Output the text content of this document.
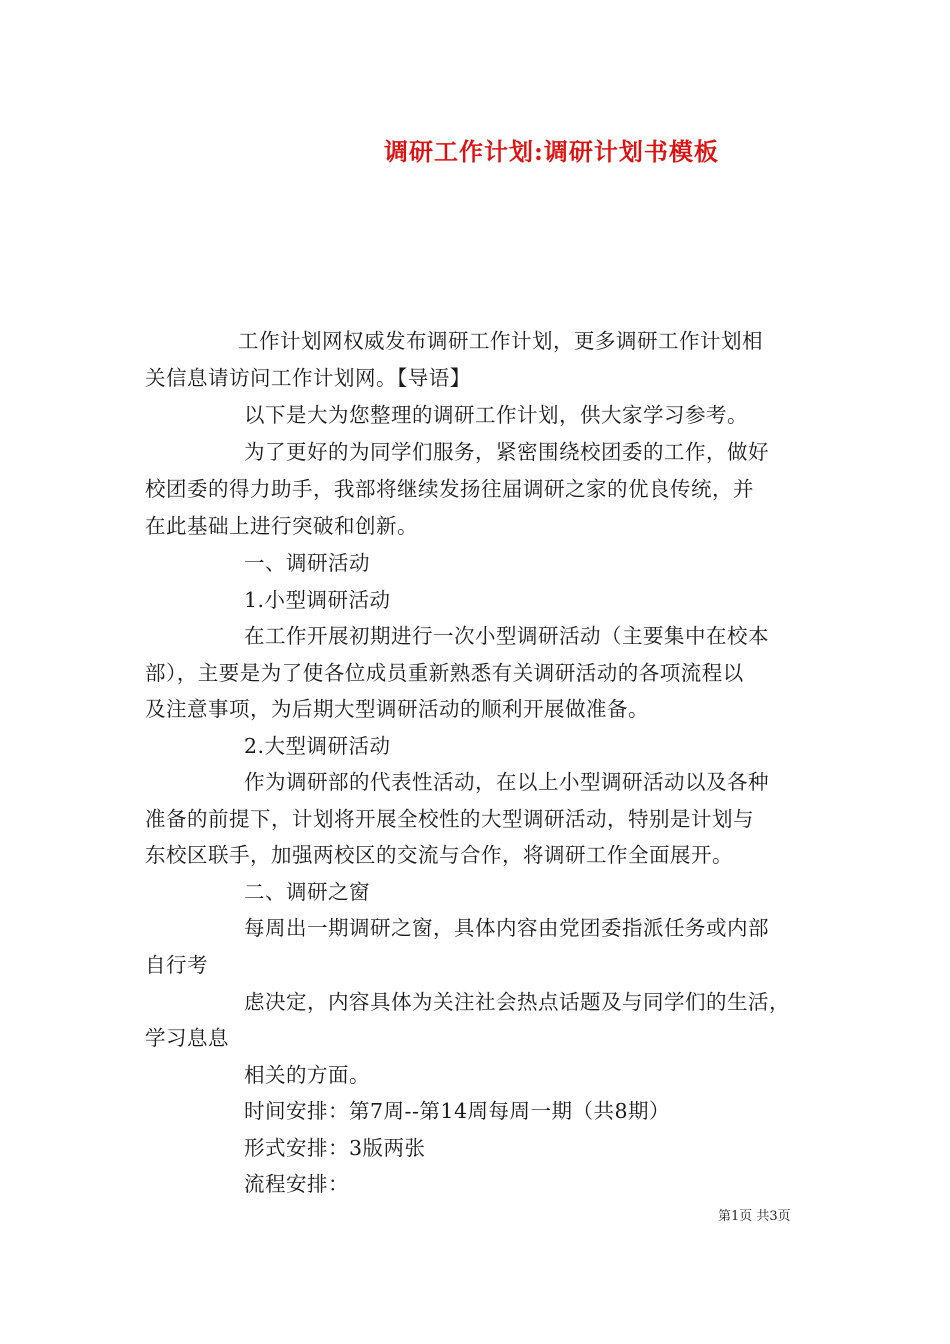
调研工作计划:调研计划书模板
工作计划网权威发布调研工作计划，更多调研工作计划相
关信息请访问工作计划网。【导语】
以下是大为您整理的调研工作计划，供大家学习参考。
为了更好的为同学们服务，紧密围绕校团委的工作，做好
校团委的得力助手，我部将继续发扬往届调研之家的优良传统，并
在此基础上进行突破和创新。
一、调研活动
1.小型调研活动
在工作开展初期进行一次小型调研活动（主要集中在校本
部），主要是为了使各位成员重新熟悉有关调研活动的各项流程以
及注意事项，为后期大型调研活动的顺利开展做准备。
2.大型调研活动
作为调研部的代表性活动，在以上小型调研活动以及各种
准备的前提下，计划将开展全校性的大型调研活动，特别是计划与
东校区联手，加强两校区的交流与合作，将调研工作全面展开。
二、调研之窗
每周出一期调研之窗，具体内容由党团委指派任务或内部
自行考
虑决定，内容具体为关注社会热点话题及与同学们的生活，
学习息息
相关的方面。
时间安排：第7周--第14周每周一期（共8期）
形式安排：3版两张
流程安排：
第1页 共3页
